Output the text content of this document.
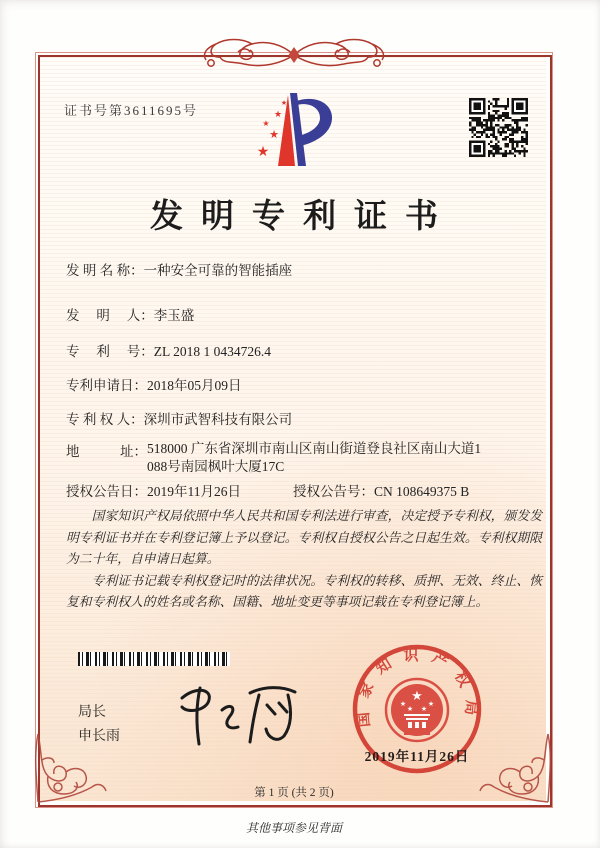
证书号第3611695号	★
★
★
★
★
发明专利证书
发 明 名 称：一种安全可靠的智能插座
发　 明　 人：李玉盛
专　 利　 号：ZL 2018 1 0434726.4
专利申请日：2018年05月09日
专 利 权 人：深圳市武智科技有限公司
地　　　址： 518000 广东省深圳市南山区南山街道登良社区南山大道1
088号南园枫叶大厦17C
授权公告日：2019年11月26日	授权公告号：CN 108649375 B

国家知识产权局依照中华人民共和国专利法进行审查，决定授予专利权，颁发发明专利证书并在专利登记簿上予以登记。专利权自授权公告之日起生效。专利权期限为二十年，自申请日起算。

专利证书记载专利权登记时的法律状况。专利权的转移、质押、无效、终止、恢复和专利权人的姓名或名称、国籍、地址变更等事项记载在专利登记簿上。

局长
申长雨
国家知识产权局
★
★
★ ★
★
2019年11月26日
第 1 页 (共 2 页)
其他事项参见背面
